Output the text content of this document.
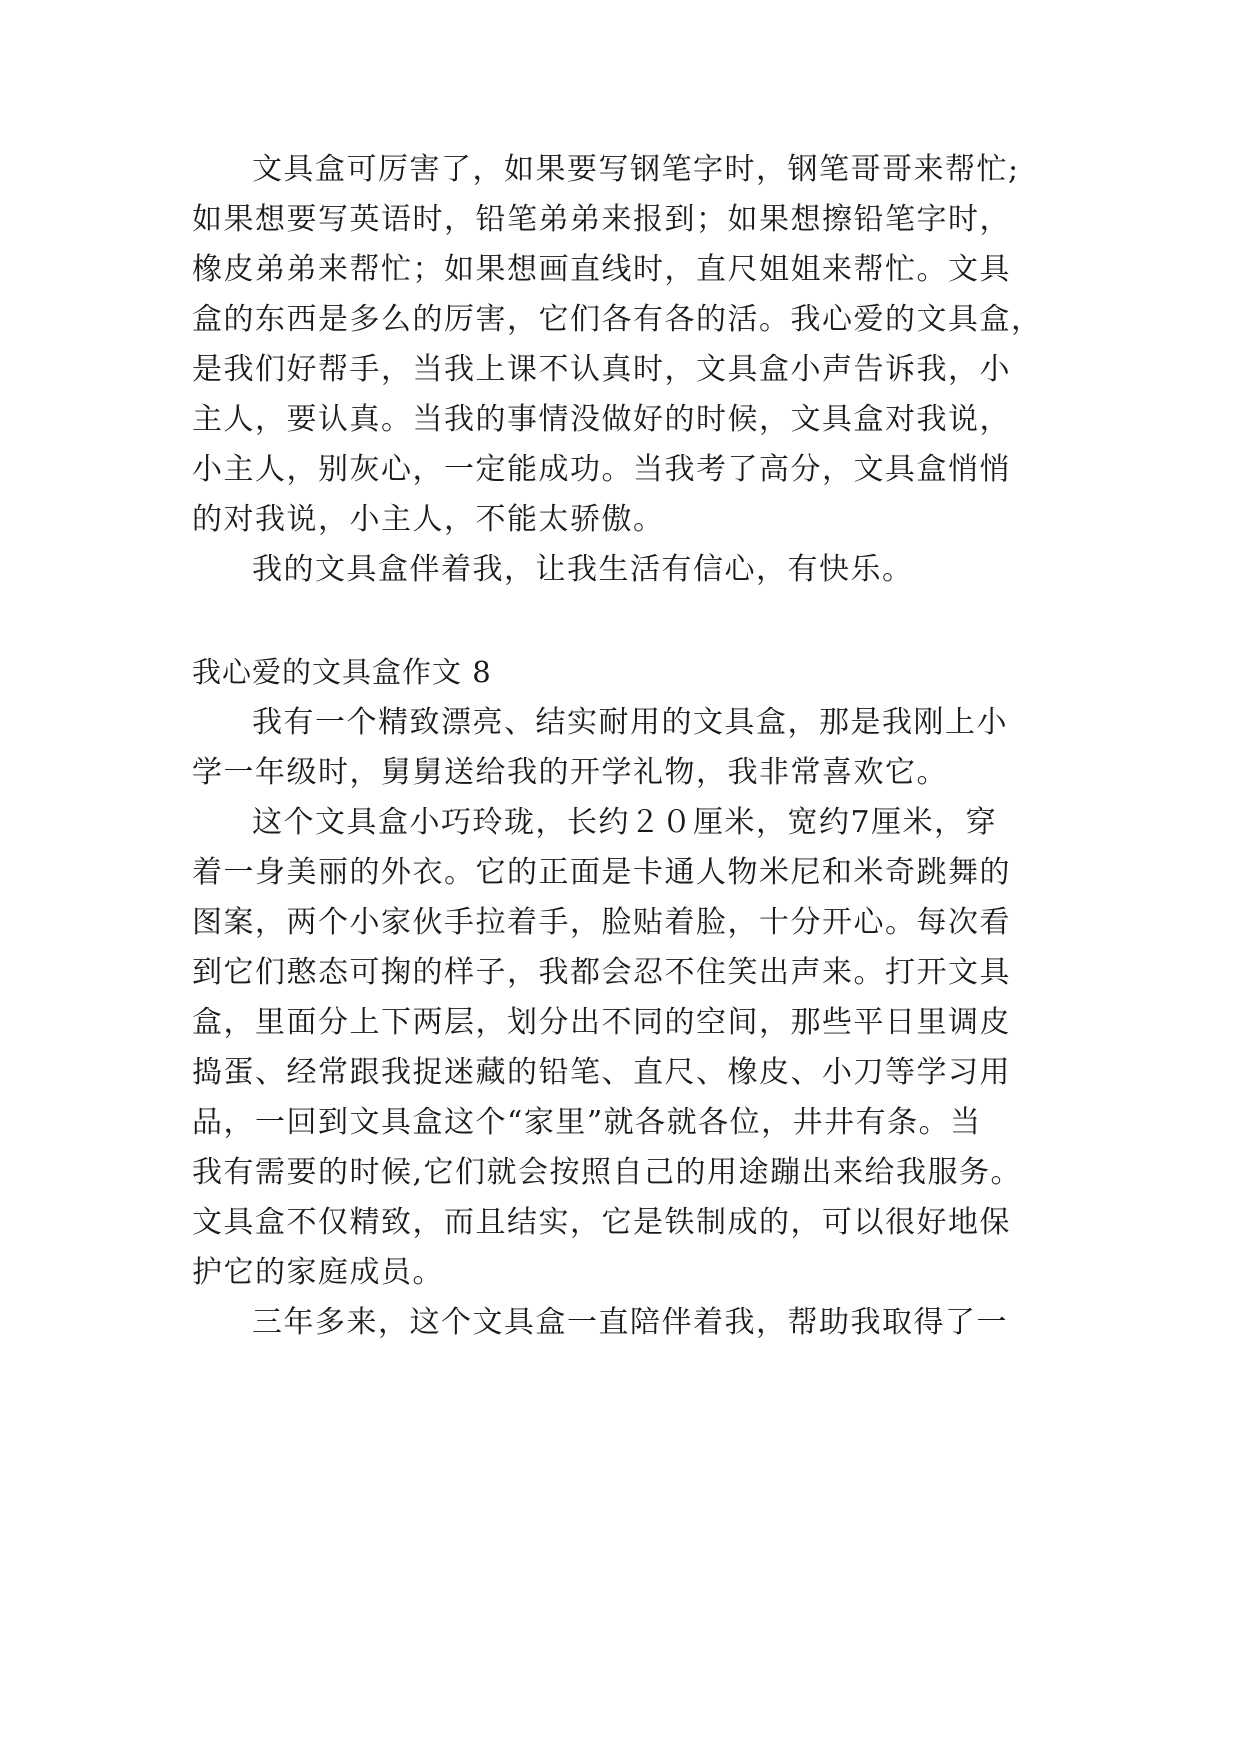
文具盒可厉害了，如果要写钢笔字时，钢笔哥哥来帮忙;

如果想要写英语时，铅笔弟弟来报到；如果想擦铅笔字时，

橡皮弟弟来帮忙；如果想画直线时，直尺姐姐来帮忙。文具

盒的东西是多么的厉害，它们各有各的活。我心爱的文具盒，

是我们好帮手，当我上课不认真时，文具盒小声告诉我，小

主人，要认真。当我的事情没做好的时候，文具盒对我说，

小主人，别灰心，一定能成功。当我考了高分，文具盒悄悄

的对我说，小主人，不能太骄傲。

我的文具盒伴着我，让我生活有信心，有快乐。

我心爱的文具盒作文 8

我有一个精致漂亮、结实耐用的文具盒，那是我刚上小

学一年级时，舅舅送给我的开学礼物，我非常喜欢它。

这个文具盒小巧玲珑，长约２０厘米，宽约7厘米，穿

着一身美丽的外衣。它的正面是卡通人物米尼和米奇跳舞的

图案，两个小家伙手拉着手，脸贴着脸，十分开心。每次看

到它们憨态可掬的样子，我都会忍不住笑出声来。打开文具

盒，里面分上下两层，划分出不同的空间，那些平日里调皮

捣蛋、经常跟我捉迷藏的铅笔、直尺、橡皮、小刀等学习用

品，一回到文具盒这个“家里”就各就各位，井井有条。当

我有需要的时候,它们就会按照自己的用途蹦出来给我服务。

文具盒不仅精致，而且结实，它是铁制成的，可以很好地保

护它的家庭成员。

三年多来，这个文具盒一直陪伴着我，帮助我取得了一
